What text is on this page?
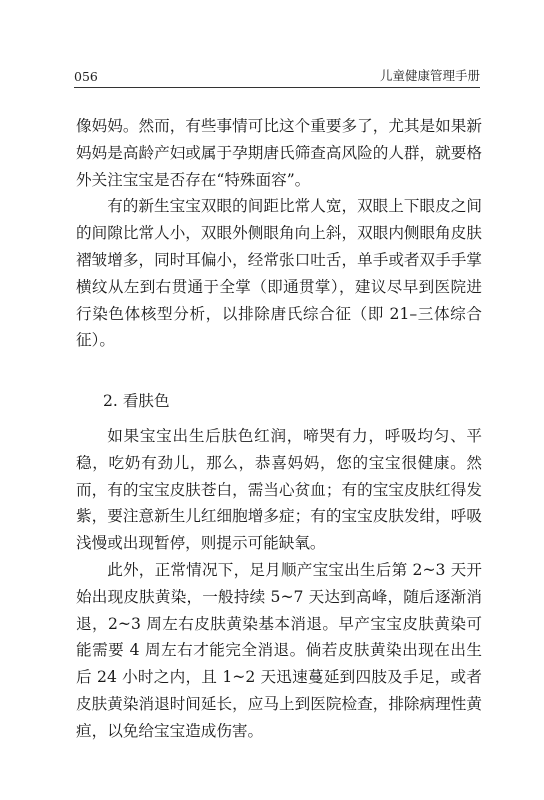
056	儿童健康管理手册

像妈妈。然而，有些事情可比这个重要多了，尤其是如果新妈妈是高龄产妇或属于孕期唐氏筛查高风险的人群，就要格外关注宝宝是否存在“特殊面容”。

有的新生宝宝双眼的间距比常人宽，双眼上下眼皮之间的间隙比常人小，双眼外侧眼角向上斜，双眼内侧眼角皮肤褶皱增多，同时耳偏小，经常张口吐舌，单手或者双手手掌横纹从左到右贯通于全掌（即通贯掌），建议尽早到医院进行染色体核型分析，以排除唐氏综合征（即 21–三体综合征）。

2. 看肤色

如果宝宝出生后肤色红润，啼哭有力，呼吸均匀、平稳，吃奶有劲儿，那么，恭喜妈妈，您的宝宝很健康。然而，有的宝宝皮肤苍白，需当心贫血；有的宝宝皮肤红得发紫，要注意新生儿红细胞增多症；有的宝宝皮肤发绀，呼吸浅慢或出现暂停，则提示可能缺氧。

此外，正常情况下，足月顺产宝宝出生后第 2~3 天开始出现皮肤黄染，一般持续 5~7 天达到高峰，随后逐渐消退，2~3 周左右皮肤黄染基本消退。早产宝宝皮肤黄染可能需要 4 周左右才能完全消退。倘若皮肤黄染出现在出生后 24 小时之内，且 1~2 天迅速蔓延到四肢及手足，或者皮肤黄染消退时间延长，应马上到医院检查，排除病理性黄疸，以免给宝宝造成伤害。
